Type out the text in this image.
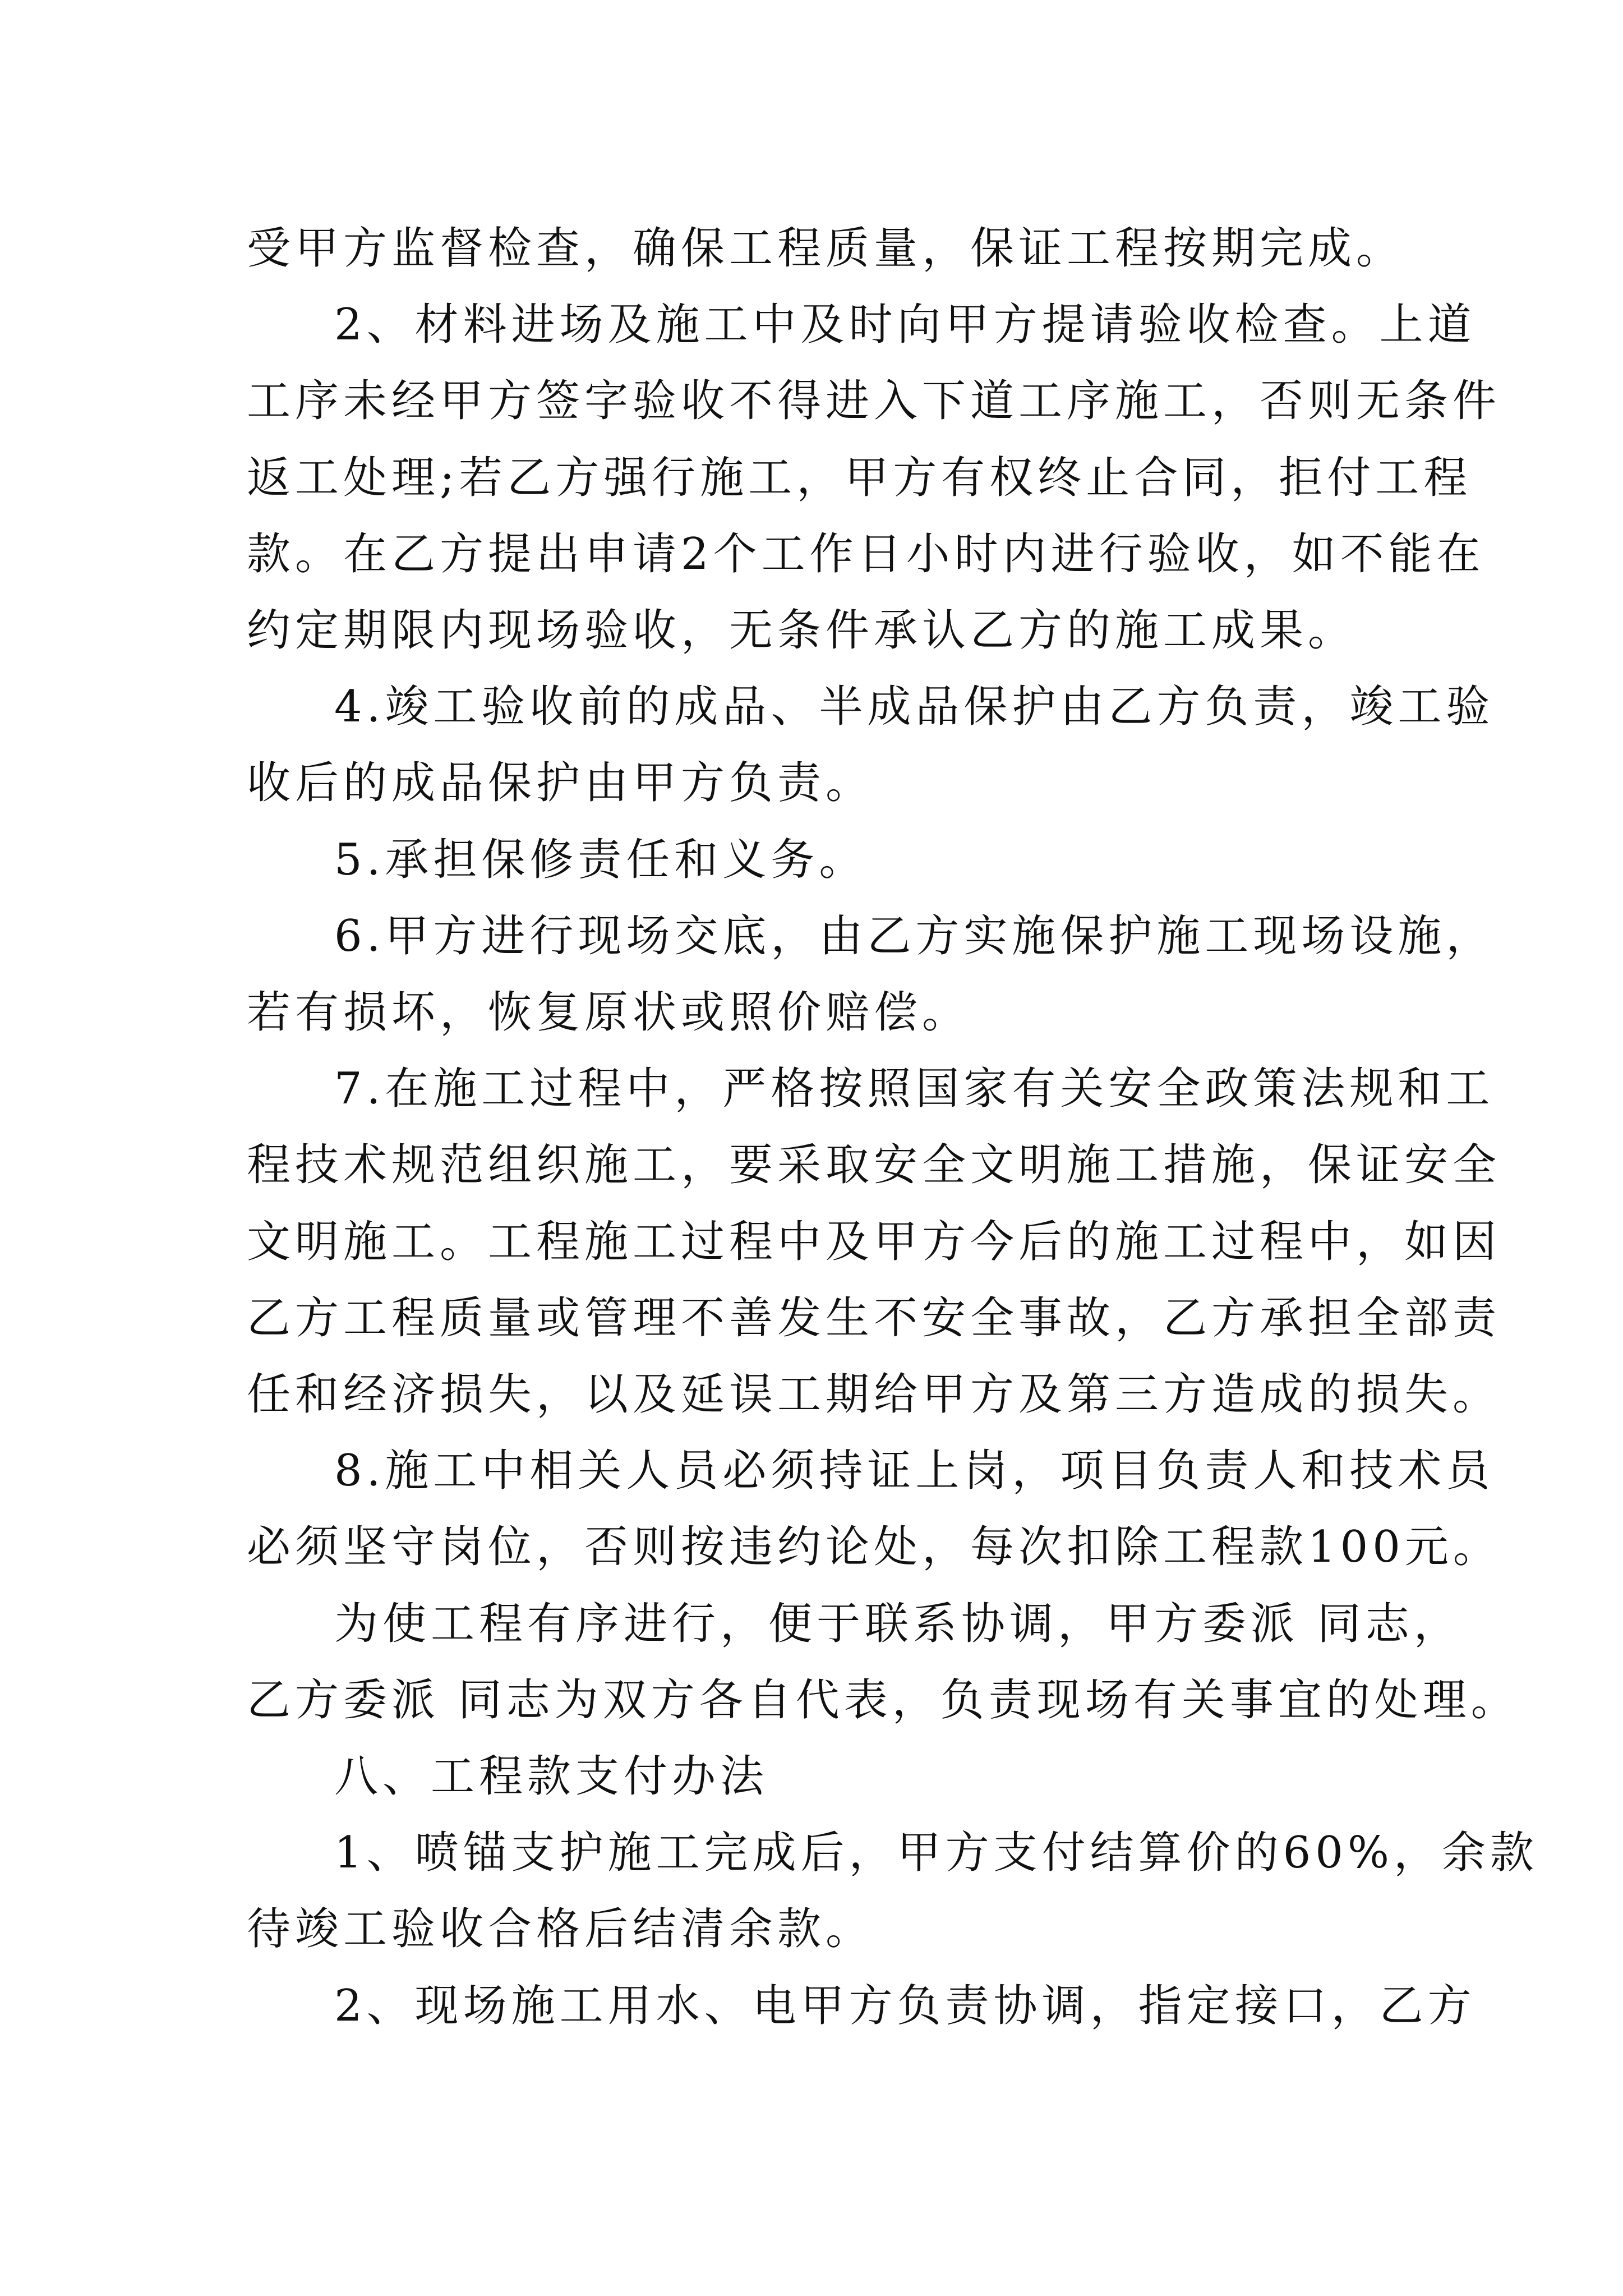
受甲方监督检查，确保工程质量，保证工程按期完成。

2、材料进场及施工中及时向甲方提请验收检查。上道

工序未经甲方签字验收不得进入下道工序施工，否则无条件

返工处理;若乙方强行施工，甲方有权终止合同，拒付工程

款。在乙方提出申请2个工作日小时内进行验收，如不能在

约定期限内现场验收，无条件承认乙方的施工成果。

4.竣工验收前的成品、半成品保护由乙方负责，竣工验

收后的成品保护由甲方负责。

5.承担保修责任和义务。

6.甲方进行现场交底，由乙方实施保护施工现场设施，

若有损坏，恢复原状或照价赔偿。

7.在施工过程中，严格按照国家有关安全政策法规和工

程技术规范组织施工，要采取安全文明施工措施，保证安全

文明施工。工程施工过程中及甲方今后的施工过程中，如因

乙方工程质量或管理不善发生不安全事故，乙方承担全部责

任和经济损失，以及延误工期给甲方及第三方造成的损失。

8.施工中相关人员必须持证上岗，项目负责人和技术员

必须坚守岗位，否则按违约论处，每次扣除工程款100元。

为使工程有序进行，便于联系协调，甲方委派 同志，

乙方委派 同志为双方各自代表，负责现场有关事宜的处理。

八、工程款支付办法

1、喷锚支护施工完成后，甲方支付结算价的60%，余款

待竣工验收合格后结清余款。

2、现场施工用水、电甲方负责协调，指定接口，乙方
